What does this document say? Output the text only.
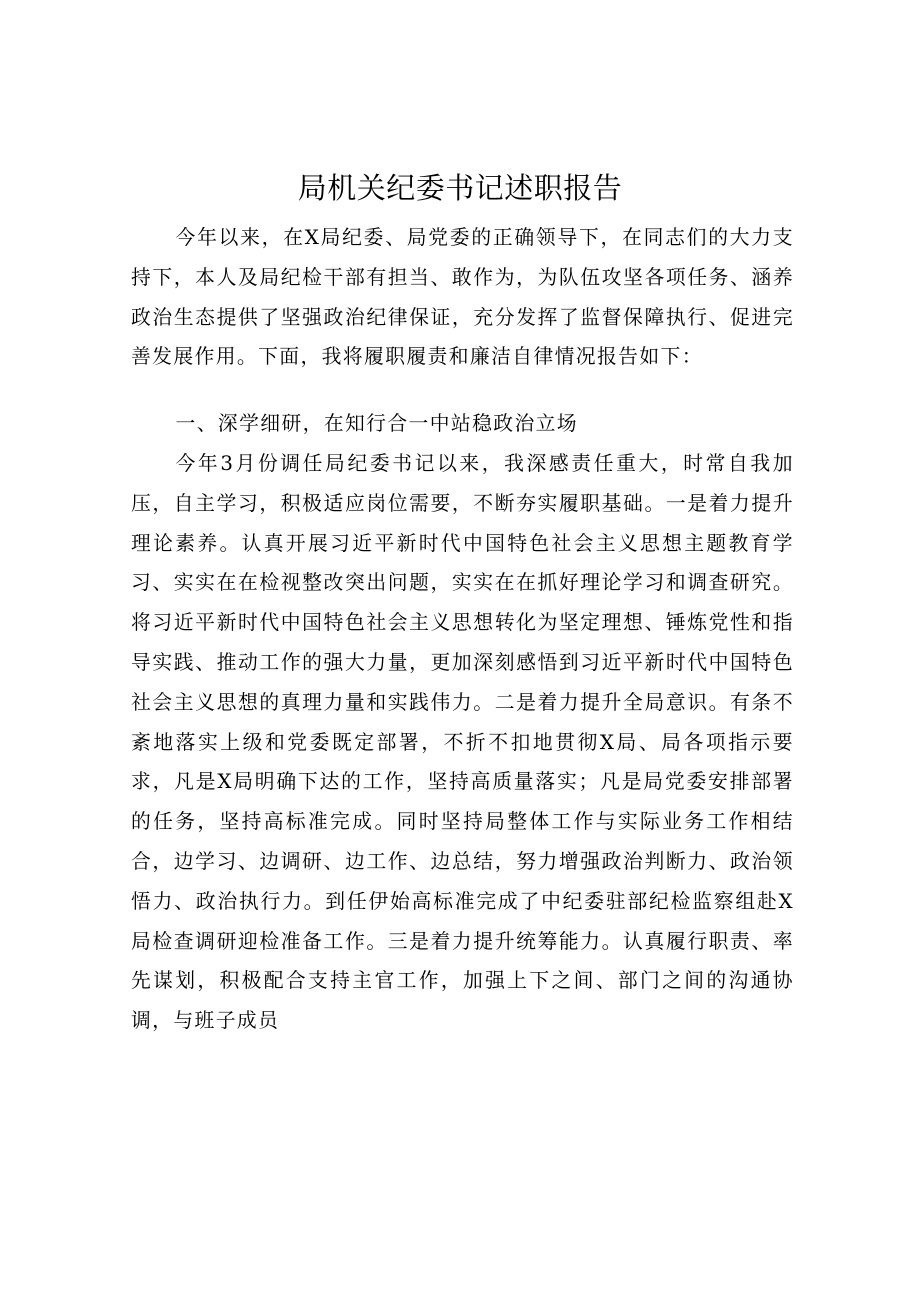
局机关纪委书记述职报告

今年以来，在X局纪委、局党委的正确领导下，在同志们的大力支持下，本人及局纪检干部有担当、敢作为，为队伍攻坚各项任务、涵养政治生态提供了坚强政治纪律保证，充分发挥了监督保障执行、促进完善发展作用。下面，我将履职履责和廉洁自律情况报告如下：

一、深学细研，在知行合一中站稳政治立场

今年3月份调任局纪委书记以来，我深感责任重大，时常自我加压，自主学习，积极适应岗位需要，不断夯实履职基础。一是着力提升理论素养。认真开展习近平新时代中国特色社会主义思想主题教育学习、实实在在检视整改突出问题，实实在在抓好理论学习和调查研究。将习近平新时代中国特色社会主义思想转化为坚定理想、锤炼党性和指导实践、推动工作的强大力量，更加深刻感悟到习近平新时代中国特色社会主义思想的真理力量和实践伟力。二是着力提升全局意识。有条不紊地落实上级和党委既定部署，不折不扣地贯彻X局、局各项指示要求，凡是X局明确下达的工作，坚持高质量落实；凡是局党委安排部署的任务，坚持高标准完成。同时坚持局整体工作与实际业务工作相结合，边学习、边调研、边工作、边总结，努力增强政治判断力、政治领悟力、政治执行力。到任伊始高标准完成了中纪委驻部纪检监察组赴X局检查调研迎检准备工作。三是着力提升统筹能力。认真履行职责、率先谋划，积极配合支持主官工作，加强上下之间、部门之间的沟通协调，与班子成员
